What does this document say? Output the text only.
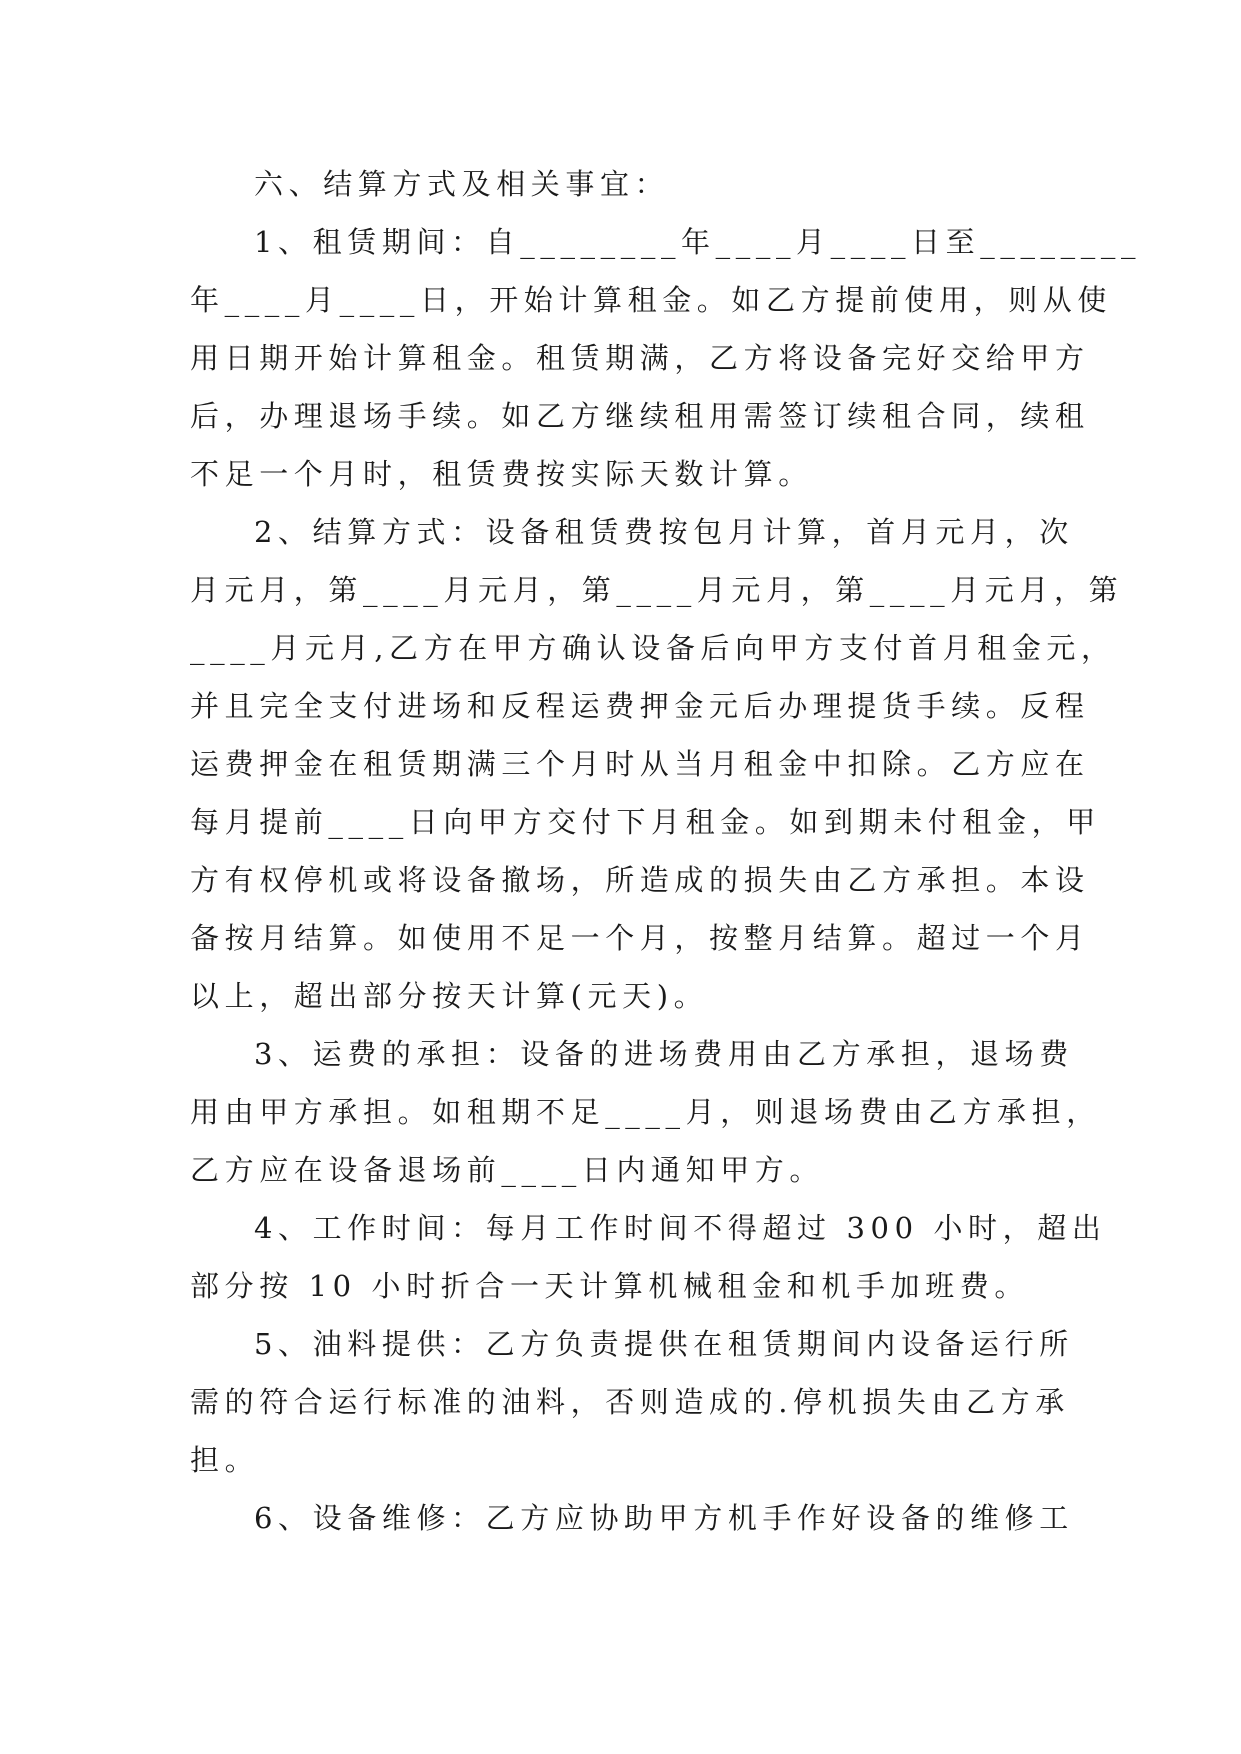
六、结算方式及相关事宜：
1、租赁期间：自________年____月____日至________
年____月____日，开始计算租金。如乙方提前使用，则从使
用日期开始计算租金。租赁期满，乙方将设备完好交给甲方
后，办理退场手续。如乙方继续租用需签订续租合同，续租
不足一个月时，租赁费按实际天数计算。
2、结算方式：设备租赁费按包月计算，首月元月，次
月元月，第____月元月，第____月元月，第____月元月，第
____月元月,乙方在甲方确认设备后向甲方支付首月租金元，
并且完全支付进场和反程运费押金元后办理提货手续。反程
运费押金在租赁期满三个月时从当月租金中扣除。乙方应在
每月提前____日向甲方交付下月租金。如到期未付租金，甲
方有权停机或将设备撤场，所造成的损失由乙方承担。本设
备按月结算。如使用不足一个月，按整月结算。超过一个月
以上，超出部分按天计算(元天)。
3、运费的承担：设备的进场费用由乙方承担，退场费
用由甲方承担。如租期不足____月，则退场费由乙方承担，
乙方应在设备退场前____日内通知甲方。
4、工作时间：每月工作时间不得超过 300 小时，超出
部分按 10 小时折合一天计算机械租金和机手加班费。
5、油料提供：乙方负责提供在租赁期间内设备运行所
需的符合运行标准的油料，否则造成的.停机损失由乙方承
担。
6、设备维修：乙方应协助甲方机手作好设备的维修工
